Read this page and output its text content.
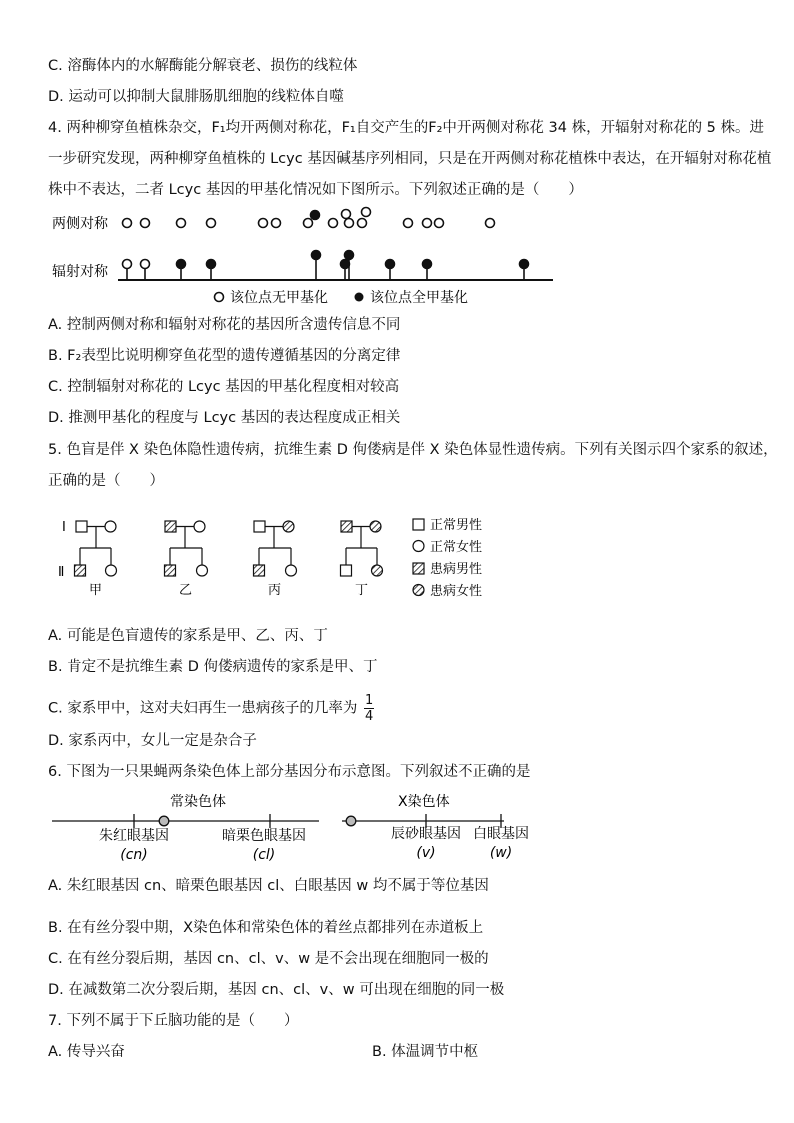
C. 溶酶体内的水解酶能分解衰老、损伤的线粒体
D. 运动可以抑制大鼠腓肠肌细胞的线粒体自噬
4. 两种柳穿鱼植株杂交，F₁均开两侧对称花，F₁自交产生的F₂中开两侧对称花 34 株，开辐射对称花的 5 株。进
一步研究发现，两种柳穿鱼植株的 Lcyc 基因碱基序列相同，只是在开两侧对称花植株中表达，在开辐射对称花植
株中不表达，二者 Lcyc 基因的甲基化情况如下图所示。下列叙述正确的是（　　）
两侧对称
辐射对称
该位点无甲基化	该位点全甲基化
A. 控制两侧对称和辐射对称花的基因所含遗传信息不同
B. F₂表型比说明柳穿鱼花型的遗传遵循基因的分离定律
C. 控制辐射对称花的 Lcyc 基因的甲基化程度相对较高
D. 推测甲基化的程度与 Lcyc 基因的表达程度成正相关
5. 色盲是伴 X 染色体隐性遗传病，抗维生素 D 佝偻病是伴 X 染色体显性遗传病。下列有关图示四个家系的叙述，
正确的是（　　）
I
Ⅱ
甲	乙	丙	丁
正常男性
正常女性
患病男性
患病女性
A. 可能是色盲遗传的家系是甲、乙、丙、丁
B. 肯定不是抗维生素 D 佝偻病遗传的家系是甲、丁
C. 家系甲中，这对夫妇再生一患病孩子的几率为 $\frac{1}{4}$
D. 家系丙中，女儿一定是杂合子
6. 下图为一只果蝇两条染色体上部分基因分布示意图。下列叙述不正确的是
常染色体	X染色体
朱红眼基因
(cn)
暗栗色眼基因
(cl)
辰砂眼基因
(v)
白眼基因
(w)
A. 朱红眼基因 cn、暗栗色眼基因 cl、白眼基因 w 均不属于等位基因
B. 在有丝分裂中期，X染色体和常染色体的着丝点都排列在赤道板上
C. 在有丝分裂后期，基因 cn、cl、v、w 是不会出现在细胞同一极的
D. 在减数第二次分裂后期，基因 cn、cl、v、w 可出现在细胞的同一极
7. 下列不属于下丘脑功能的是（　　）
A. 传导兴奋	B. 体温调节中枢
